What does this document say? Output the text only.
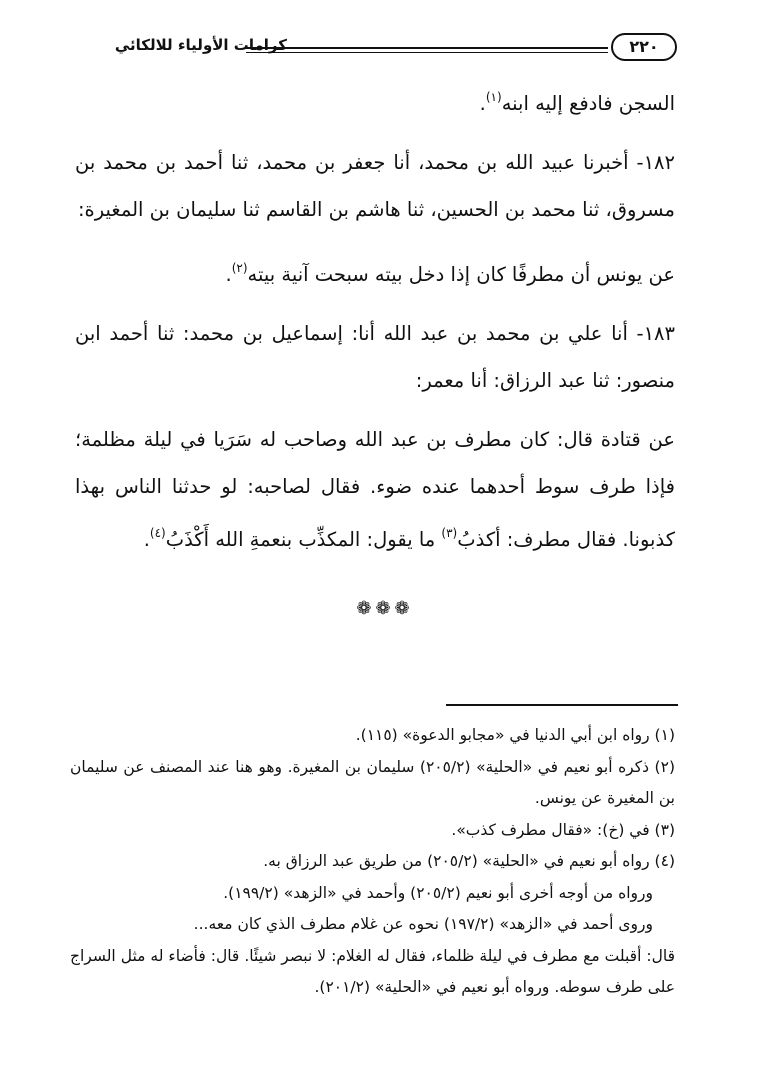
٢٢٠
كرامات الأولياء للالكائي

السجن فادفع إليه ابنه$^{(١)}$.

١٨٢- أخبرنا عبيد الله بن محمد، أنا جعفر بن محمد، ثنا أحمد بن محمد بن مسروق، ثنا محمد بن الحسين، ثنا هاشم بن القاسم ثنا سليمان بن المغيرة:

عن يونس أن مطرفًا كان إذا دخل بيته سبحت آنية بيته$^{(٢)}$.

١٨٣- أنا علي بن محمد بن عبد الله أنا: إسماعيل بن محمد: ثنا أحمد ابن منصور: ثنا عبد الرزاق: أنا معمر:

عن قتادة قال: كان مطرف بن عبد الله وصاحب له سَرَيا في ليلة مظلمة؛ فإذا طرف سوط أحدهما عنده ضوء. فقال لصاحبه: لو حدثنا الناس بهذا كذبونا. فقال مطرف: أكذبُ$^{(٣)}$ ما يقول: المكذِّب بنعمةِ الله أَكْذَبُ$^{(٤)}$.

❁❁❁

(١) رواه ابن أبي الدنيا في «مجابو الدعوة» (١١٥).

(٢) ذكره أبو نعيم في «الحلية» (٢٠٥/٢) سليمان بن المغيرة. وهو هنا عند المصنف عن سليمان بن المغيرة عن يونس.

(٣) في (خ): «فقال مطرف كذب».

(٤) رواه أبو نعيم في «الحلية» (٢٠٥/٢) من طريق عبد الرزاق به.

ورواه من أوجه أخرى أبو نعيم (٢٠٥/٢) وأحمد في «الزهد» (١٩٩/٢).

وروى أحمد في «الزهد» (١٩٧/٢) نحوه عن غلام مطرف الذي كان معه...

قال: أقبلت مع مطرف في ليلة ظلماء، فقال له الغلام: لا نبصر شيئًا. قال: فأضاء له مثل السراج على طرف سوطه. ورواه أبو نعيم في «الحلية» (٢٠١/٢).
